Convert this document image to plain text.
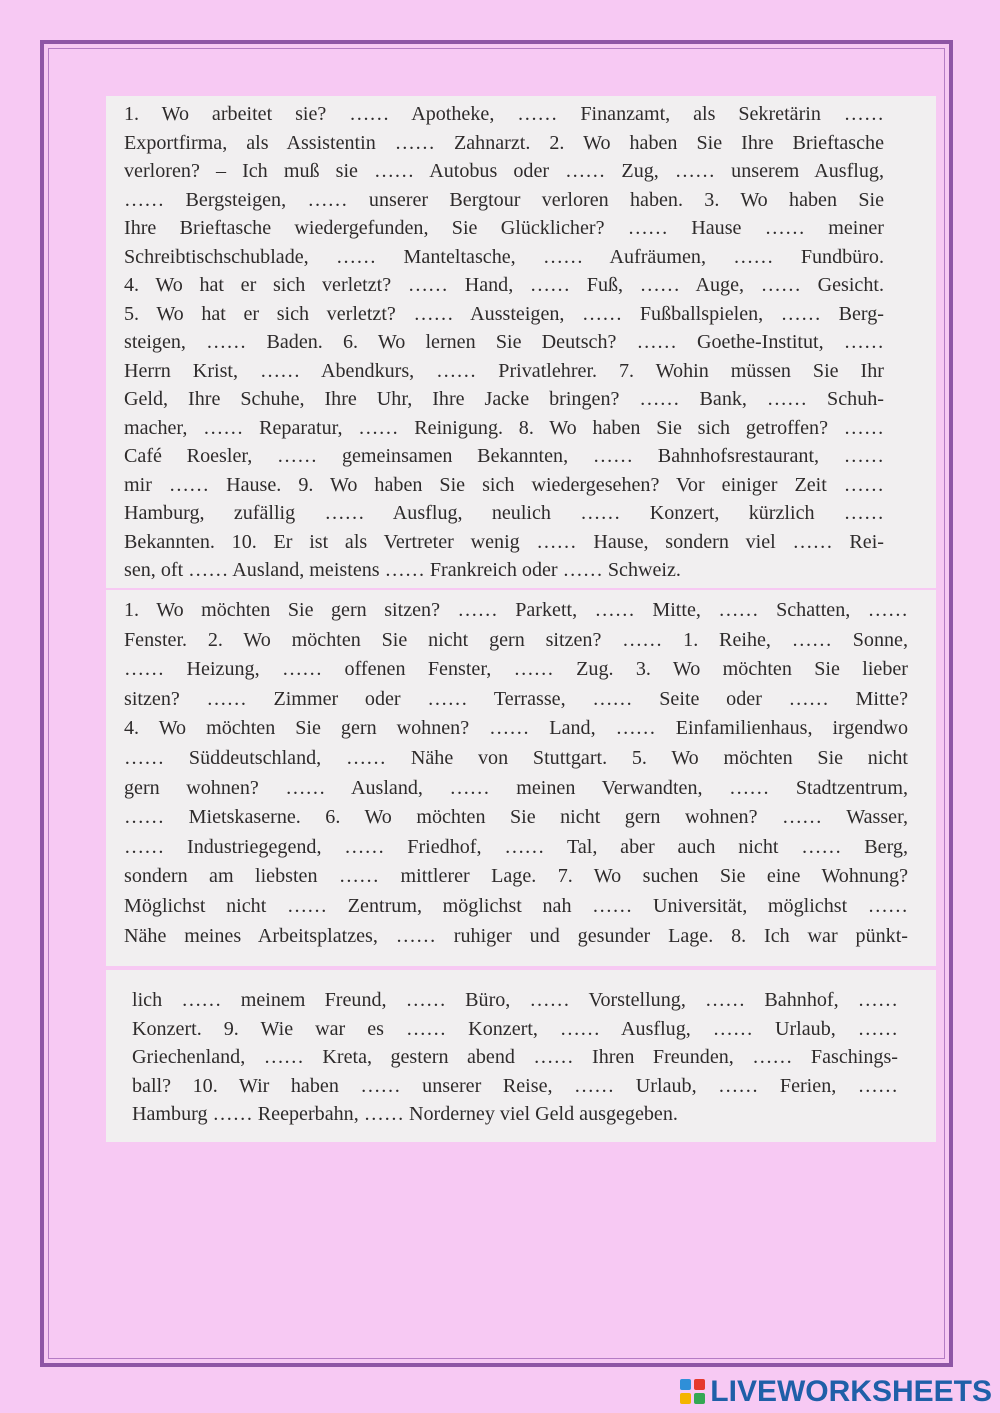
1. Wo arbeitet sie? …… Apotheke, …… Finanzamt, als Sekretärin ……

Exportfirma, als Assistentin …… Zahnarzt. 2. Wo haben Sie Ihre Brieftasche

verloren? – Ich muß sie …… Autobus oder …… Zug, …… unserem Ausflug,

…… Bergsteigen, …… unserer Bergtour verloren haben. 3. Wo haben Sie

Ihre Brieftasche wiedergefunden, Sie Glücklicher? …… Hause …… meiner

Schreibtischschublade, …… Manteltasche, …… Aufräumen, …… Fundbüro.

4. Wo hat er sich verletzt? …… Hand, …… Fuß, …… Auge, …… Gesicht.

5. Wo hat er sich verletzt? …… Aussteigen, …… Fußballspielen, …… Berg-

steigen, …… Baden. 6. Wo lernen Sie Deutsch? …… Goethe-Institut, ……

Herrn Krist, …… Abendkurs, …… Privatlehrer. 7. Wohin müssen Sie Ihr

Geld, Ihre Schuhe, Ihre Uhr, Ihre Jacke bringen? …… Bank, …… Schuh-

macher, …… Reparatur, …… Reinigung. 8. Wo haben Sie sich getroffen? ……

Café Roesler, …… gemeinsamen Bekannten, …… Bahnhofsrestaurant, ……

mir …… Hause. 9. Wo haben Sie sich wiedergesehen? Vor einiger Zeit ……

Hamburg, zufällig …… Ausflug, neulich …… Konzert, kürzlich ……

Bekannten. 10. Er ist als Vertreter wenig …… Hause, sondern viel …… Rei-

sen, oft …… Ausland, meistens …… Frankreich oder …… Schweiz.

1. Wo möchten Sie gern sitzen? …… Parkett, …… Mitte, …… Schatten, ……

Fenster. 2. Wo möchten Sie nicht gern sitzen? …… 1. Reihe, …… Sonne,

…… Heizung, …… offenen Fenster, …… Zug. 3. Wo möchten Sie lieber

sitzen? …… Zimmer oder …… Terrasse, …… Seite oder …… Mitte?

4. Wo möchten Sie gern wohnen? …… Land, …… Einfamilienhaus, irgendwo

…… Süddeutschland, …… Nähe von Stuttgart. 5. Wo möchten Sie nicht

gern wohnen? …… Ausland, …… meinen Verwandten, …… Stadtzentrum,

…… Mietskaserne. 6. Wo möchten Sie nicht gern wohnen? …… Wasser,

…… Industriegegend, …… Friedhof, …… Tal, aber auch nicht …… Berg,

sondern am liebsten …… mittlerer Lage. 7. Wo suchen Sie eine Wohnung?

Möglichst nicht …… Zentrum, möglichst nah …… Universität, möglichst ……

Nähe meines Arbeitsplatzes, …… ruhiger und gesunder Lage. 8. Ich war pünkt-

lich …… meinem Freund, …… Büro, …… Vorstellung, …… Bahnhof, ……

Konzert. 9. Wie war es …… Konzert, …… Ausflug, …… Urlaub, ……

Griechenland, …… Kreta, gestern abend …… Ihren Freunden, …… Faschings-

ball? 10. Wir haben …… unserer Reise, …… Urlaub, …… Ferien, ……

Hamburg …… Reeperbahn, …… Norderney viel Geld ausgegeben.

LIVEWORKSHEETS
